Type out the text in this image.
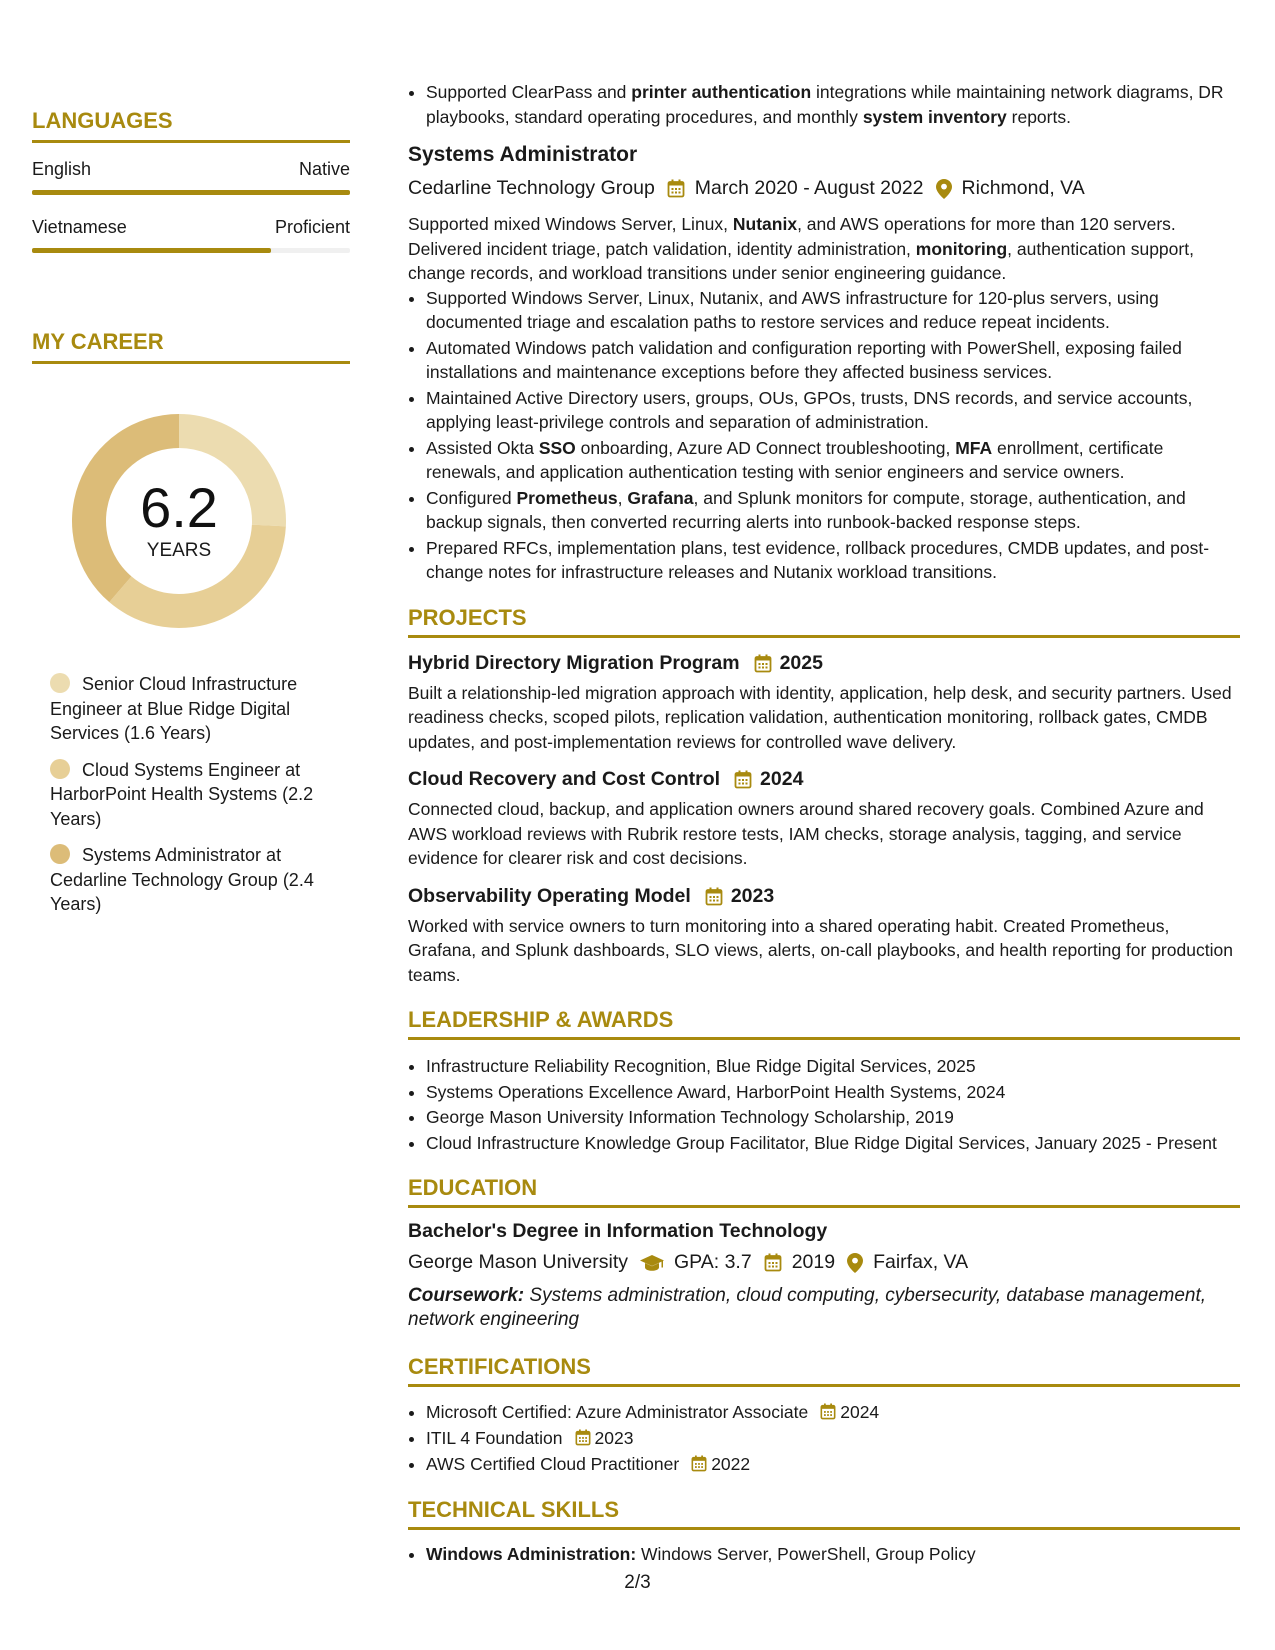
LANGUAGES
English	Native
Vietnamese	Proficient
MY CAREER
6.2
YEARS
Senior Cloud Infrastructure Engineer at Blue Ridge Digital Services (1.6 Years)
Cloud Systems Engineer at HarborPoint Health Systems (2.2 Years)
Systems Administrator at Cedarline Technology Group (2.4 Years)
• Supported ClearPass and printer authentication integrations while maintaining network diagrams, DR playbooks, standard operating procedures, and monthly system inventory reports.
Systems Administrator
Cedarline Technology Group March 2020 - August 2022 Richmond, VA
Supported mixed Windows Server, Linux, Nutanix, and AWS operations for more than 120 servers. Delivered incident triage, patch validation, identity administration, monitoring, authentication support, change records, and workload transitions under senior engineering guidance.
• Supported Windows Server, Linux, Nutanix, and AWS infrastructure for 120-plus servers, using documented triage and escalation paths to restore services and reduce repeat incidents.
• Automated Windows patch validation and configuration reporting with PowerShell, exposing failed installations and maintenance exceptions before they affected business services.
• Maintained Active Directory users, groups, OUs, GPOs, trusts, DNS records, and service accounts, applying least-privilege controls and separation of administration.
• Assisted Okta SSO onboarding, Azure AD Connect troubleshooting, MFA enrollment, certificate renewals, and application authentication testing with senior engineers and service owners.
• Configured Prometheus, Grafana, and Splunk monitors for compute, storage, authentication, and backup signals, then converted recurring alerts into runbook-backed response steps.
• Prepared RFCs, implementation plans, test evidence, rollback procedures, CMDB updates, and post-change notes for infrastructure releases and Nutanix workload transitions.
PROJECTS
Hybrid Directory Migration Program 2025
Built a relationship-led migration approach with identity, application, help desk, and security partners. Used readiness checks, scoped pilots, replication validation, authentication monitoring, rollback gates, CMDB updates, and post-implementation reviews for controlled wave delivery.
Cloud Recovery and Cost Control 2024
Connected cloud, backup, and application owners around shared recovery goals. Combined Azure and AWS workload reviews with Rubrik restore tests, IAM checks, storage analysis, tagging, and service evidence for clearer risk and cost decisions.
Observability Operating Model 2023
Worked with service owners to turn monitoring into a shared operating habit. Created Prometheus, Grafana, and Splunk dashboards, SLO views, alerts, on-call playbooks, and health reporting for production teams.
LEADERSHIP & AWARDS
• Infrastructure Reliability Recognition, Blue Ridge Digital Services, 2025
• Systems Operations Excellence Award, HarborPoint Health Systems, 2024
• George Mason University Information Technology Scholarship, 2019
• Cloud Infrastructure Knowledge Group Facilitator, Blue Ridge Digital Services, January 2025 - Present
EDUCATION
Bachelor's Degree in Information Technology
George Mason University GPA: 3.7 2019 Fairfax, VA
Coursework: Systems administration, cloud computing, cybersecurity, database management, network engineering
CERTIFICATIONS
• Microsoft Certified: Azure Administrator Associate 2024
• ITIL 4 Foundation 2023
• AWS Certified Cloud Practitioner 2022
TECHNICAL SKILLS
• Windows Administration: Windows Server, PowerShell, Group Policy
2/3
